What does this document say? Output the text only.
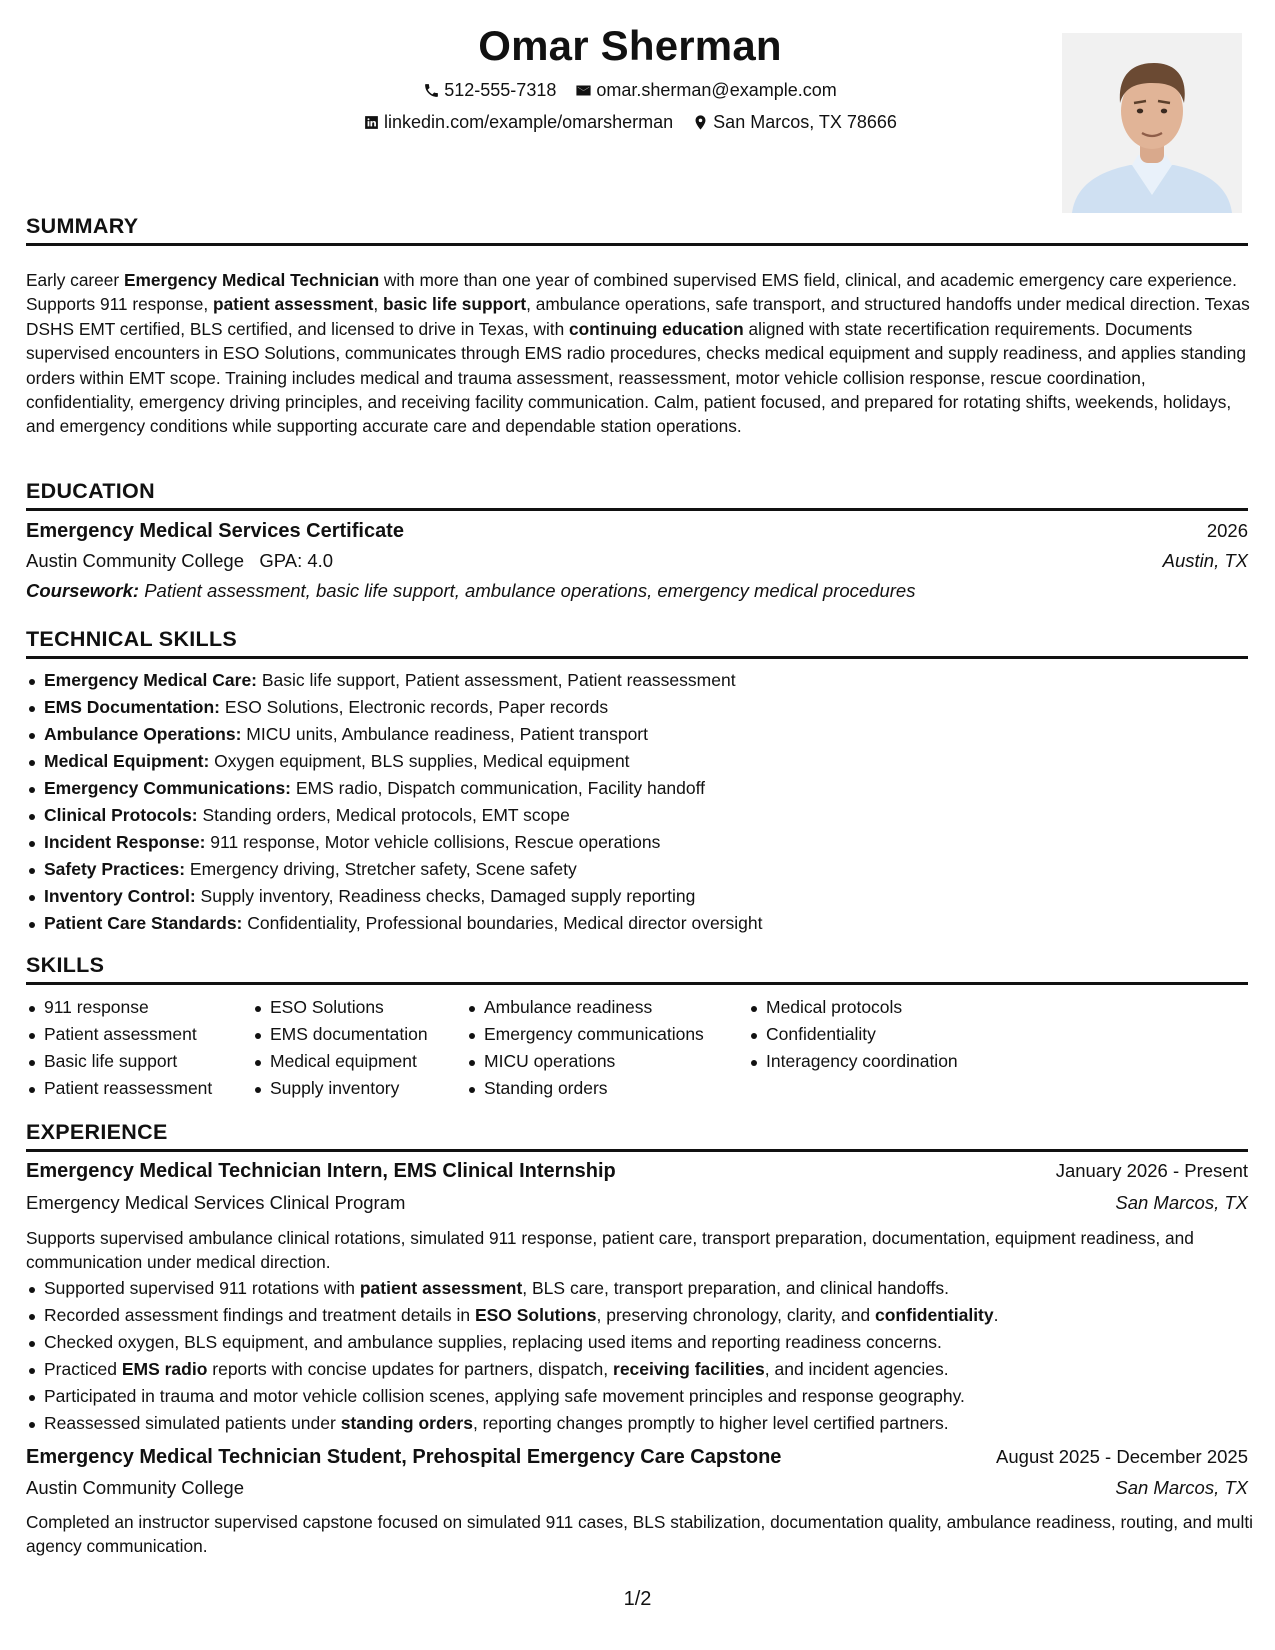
Omar Sherman
512-555-7318
omar.sherman@example.com
linkedin.com/example/omarsherman
San Marcos, TX 78666
SUMMARY
Early career Emergency Medical Technician with more than one year of combined supervised EMS field, clinical, and academic emergency care experience. Supports 911 response, patient assessment, basic life support, ambulance operations, safe transport, and structured handoffs under medical direction. Texas DSHS EMT certified, BLS certified, and licensed to drive in Texas, with continuing education aligned with state recertification requirements. Documents supervised encounters in ESO Solutions, communicates through EMS radio procedures, checks medical equipment and supply readiness, and applies standing orders within EMT scope. Training includes medical and trauma assessment, reassessment, motor vehicle collision response, rescue coordination, confidentiality, emergency driving principles, and receiving facility communication. Calm, patient focused, and prepared for rotating shifts, weekends, holidays, and emergency conditions while supporting accurate care and dependable station operations.
EDUCATION
Emergency Medical Services Certificate	2026
Austin Community College GPA: 4.0	Austin, TX
Coursework: Patient assessment, basic life support, ambulance operations, emergency medical procedures
TECHNICAL SKILLS
Emergency Medical Care: Basic life support, Patient assessment, Patient reassessment
EMS Documentation: ESO Solutions, Electronic records, Paper records
Ambulance Operations: MICU units, Ambulance readiness, Patient transport
Medical Equipment: Oxygen equipment, BLS supplies, Medical equipment
Emergency Communications: EMS radio, Dispatch communication, Facility handoff
Clinical Protocols: Standing orders, Medical protocols, EMT scope
Incident Response: 911 response, Motor vehicle collisions, Rescue operations
Safety Practices: Emergency driving, Stretcher safety, Scene safety
Inventory Control: Supply inventory, Readiness checks, Damaged supply reporting
Patient Care Standards: Confidentiality, Professional boundaries, Medical director oversight
SKILLS
911 response
Patient assessment
Basic life support
Patient reassessment
ESO Solutions
EMS documentation
Medical equipment
Supply inventory
Ambulance readiness
Emergency communications
MICU operations
Standing orders
Medical protocols
Confidentiality
Interagency coordination
EXPERIENCE
Emergency Medical Technician Intern, EMS Clinical Internship	January 2026 - Present
Emergency Medical Services Clinical Program	San Marcos, TX
Supports supervised ambulance clinical rotations, simulated 911 response, patient care, transport preparation, documentation, equipment readiness, and communication under medical direction.
Supported supervised 911 rotations with patient assessment, BLS care, transport preparation, and clinical handoffs.
Recorded assessment findings and treatment details in ESO Solutions, preserving chronology, clarity, and confidentiality.
Checked oxygen, BLS equipment, and ambulance supplies, replacing used items and reporting readiness concerns.
Practiced EMS radio reports with concise updates for partners, dispatch, receiving facilities, and incident agencies.
Participated in trauma and motor vehicle collision scenes, applying safe movement principles and response geography.
Reassessed simulated patients under standing orders, reporting changes promptly to higher level certified partners.
Emergency Medical Technician Student, Prehospital Emergency Care Capstone	August 2025 - December 2025
Austin Community College	San Marcos, TX
Completed an instructor supervised capstone focused on simulated 911 cases, BLS stabilization, documentation quality, ambulance readiness, routing, and multi agency communication.
1/2
